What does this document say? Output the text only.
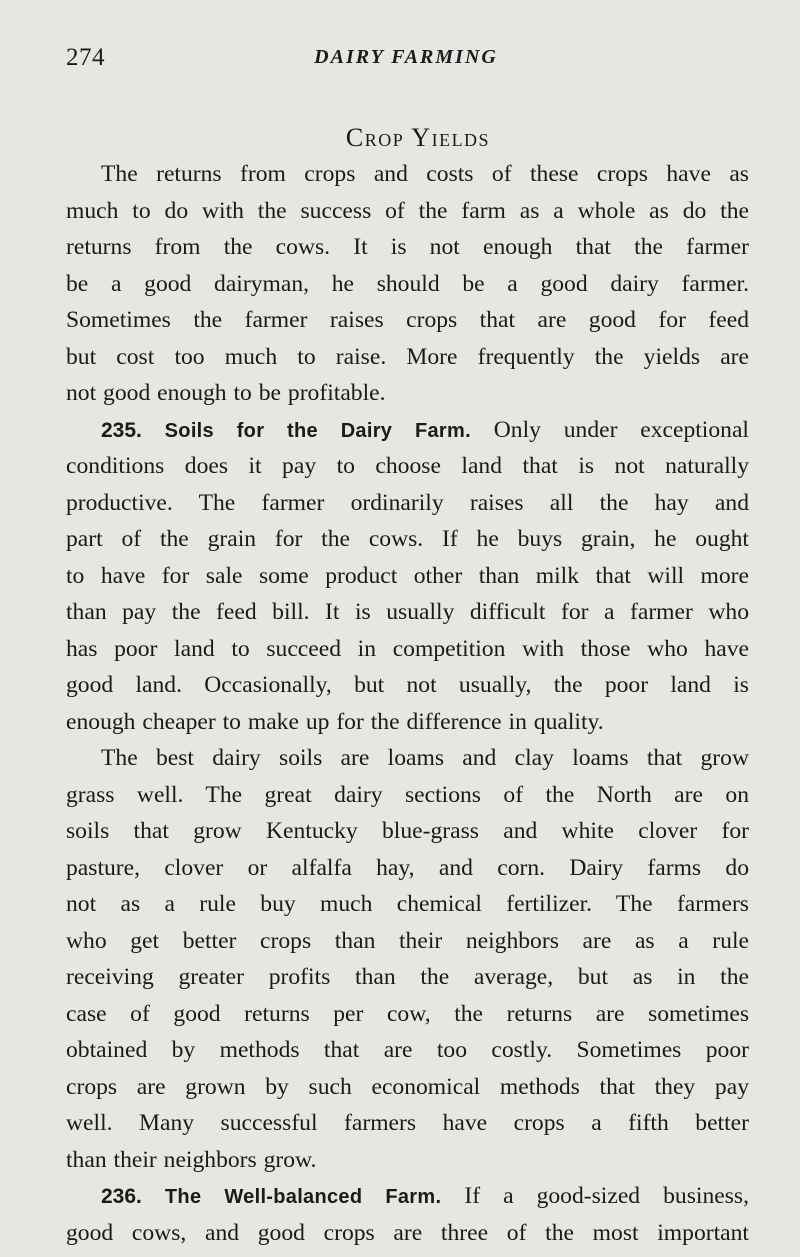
274	DAIRY FARMING
Crop Yields
The returns from crops and costs of these crops have as
much to do with the success of the farm as a whole as do the
returns from the cows. It is not enough that the farmer
be a good dairyman, he should be a good dairy farmer.
Sometimes the farmer raises crops that are good for feed
but cost too much to raise. More frequently the yields are
not good enough to be profitable.
235. Soils for the Dairy Farm. Only under exceptional
conditions does it pay to choose land that is not naturally
productive. The farmer ordinarily raises all the hay and
part of the grain for the cows. If he buys grain, he ought
to have for sale some product other than milk that will more
than pay the feed bill. It is usually difficult for a farmer who
has poor land to succeed in competition with those who have
good land. Occasionally, but not usually, the poor land is
enough cheaper to make up for the difference in quality.
The best dairy soils are loams and clay loams that grow
grass well. The great dairy sections of the North are on
soils that grow Kentucky blue-grass and white clover for
pasture, clover or alfalfa hay, and corn. Dairy farms do
not as a rule buy much chemical fertilizer. The farmers
who get better crops than their neighbors are as a rule
receiving greater profits than the average, but as in the
case of good returns per cow, the returns are sometimes
obtained by methods that are too costly. Sometimes poor
crops are grown by such economical methods that they pay
well. Many successful farmers have crops a fifth better
than their neighbors grow.
236. The Well-balanced Farm. If a good-sized business,
good cows, and good crops are three of the most important
